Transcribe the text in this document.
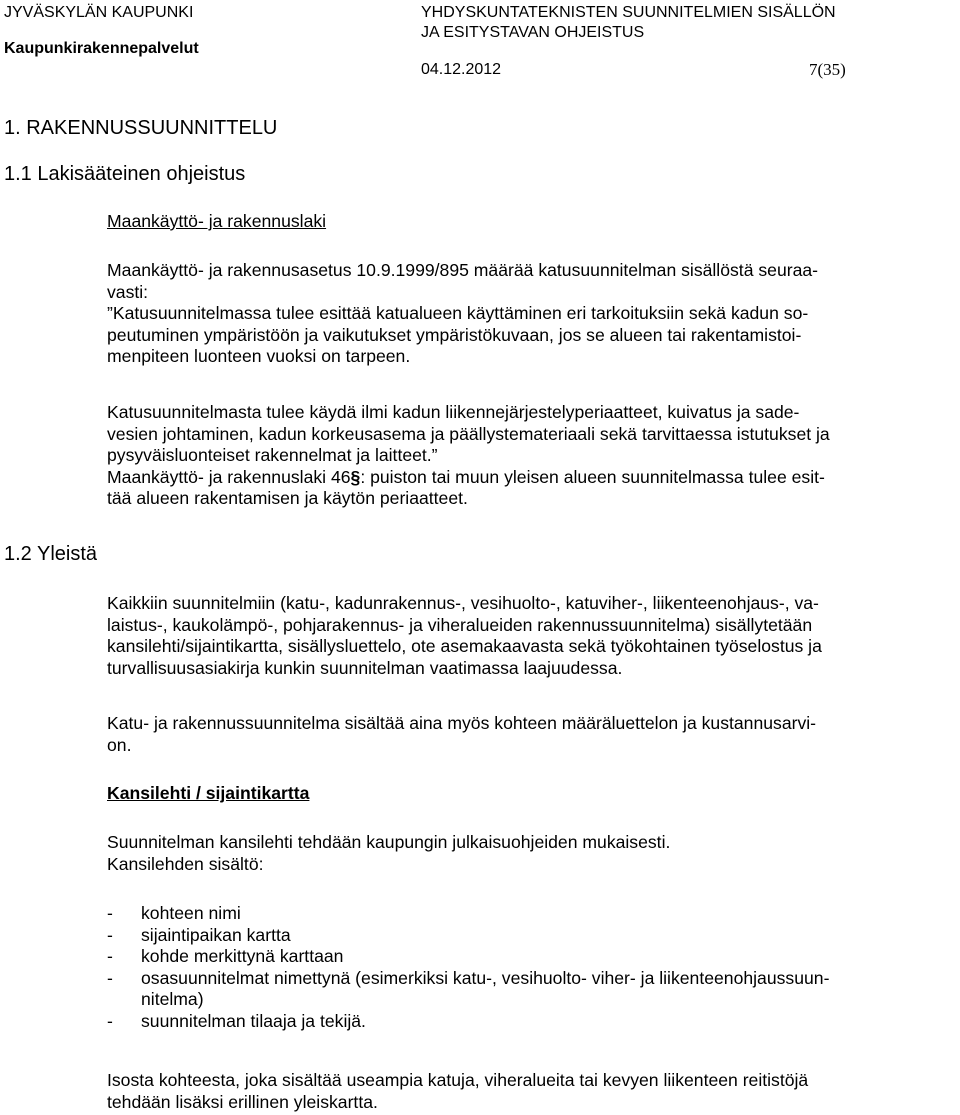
JYVÄSKYLÄN KAUPUNKI
Kaupunkirakennepalvelut
YHDYSKUNTATEKNISTEN SUUNNITELMIEN SISÄLLÖN
JA ESITYSTAVAN OHJEISTUS
04.12.2012	7(35)
1. RAKENNUSSUUNNITTELU
1.1 Lakisääteinen ohjeistus
1.2 Yleistä
Maankäyttö- ja rakennuslaki
Maankäyttö- ja rakennusasetus 10.9.1999/895 määrää katusuunnitelman sisällöstä seuraa-
vasti:
”Katusuunnitelmassa tulee esittää katualueen käyttäminen eri tarkoituksiin sekä kadun so-
peutuminen ympäristöön ja vaikutukset ympäristökuvaan, jos se alueen tai rakentamistoi-
menpiteen luonteen vuoksi on tarpeen.
Katusuunnitelmasta tulee käydä ilmi kadun liikennejärjestelyperiaatteet, kuivatus ja sade-
vesien johtaminen, kadun korkeusasema ja päällystemateriaali sekä tarvittaessa istutukset ja
pysyväisluonteiset rakennelmat ja laitteet.”
Maankäyttö- ja rakennuslaki 46§: puiston tai muun yleisen alueen suunnitelmassa tulee esit-
tää alueen rakentamisen ja käytön periaatteet.
Kaikkiin suunnitelmiin (katu-, kadunrakennus-, vesihuolto-, katuviher-, liikenteenohjaus-, va-
laistus-, kaukolämpö-, pohjarakennus- ja viheralueiden rakennussuunnitelma) sisällytetään
kansilehti/sijaintikartta, sisällysluettelo, ote asemakaavasta sekä työkohtainen työselostus ja
turvallisuusasiakirja kunkin suunnitelman vaatimassa laajuudessa.
Katu- ja rakennussuunnitelma sisältää aina myös kohteen määräluettelon ja kustannusarvi-
on.
Kansilehti / sijaintikartta
Suunnitelman kansilehti tehdään kaupungin julkaisuohjeiden mukaisesti.
Kansilehden sisältö:
- kohteen nimi
- sijaintipaikan kartta
- kohde merkittynä karttaan
- osasuunnitelmat nimettynä (esimerkiksi katu-, vesihuolto- viher- ja liikenteenohjaussuun-
nitelma)
- suunnitelman tilaaja ja tekijä.
Isosta kohteesta, joka sisältää useampia katuja, viheralueita tai kevyen liikenteen reitistöjä
tehdään lisäksi erillinen yleiskartta.
